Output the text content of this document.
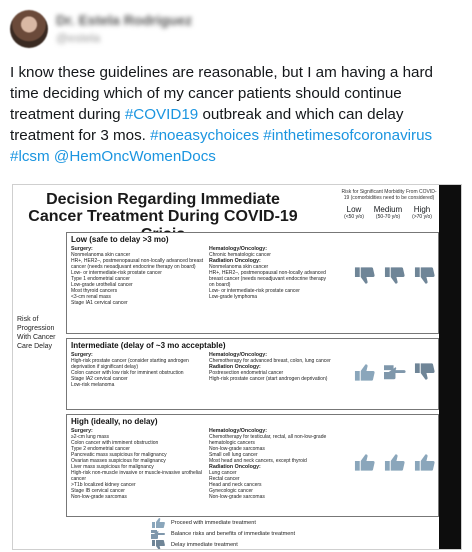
Dr. Estela Rodriguez
@estela
I know these guidelines are reasonable, but I am having a hard time deciding which of my cancer patients should continue treatment during #COVID19 outbreak and which can delay treatment for 3 mos. #noeasychoices #inthetimesofcoronavirus #lcsm @HemOncWomenDocs
Decision Regarding Immediate
Cancer Treatment During COVID-19
Risk for Significant Morbidity From COVID-19 (comorbidities need to be considered)
Low
(<50 y/o)
Medium
(50-70 y/o)
High
(>70 y/o)
Risk of Progression With Cancer Care Delay
Low (safe to delay >3 mo)
Surgery:
Nonmelanoma skin cancer
HR+, HER2–, postmenopausal non-locally advanced breast cancer (needs neoadjuvant endocrine therapy on board)
Low- or intermediate-risk prostate cancer
Type 1 endometrial cancer
Low-grade urothelial cancer
Most thyroid cancers
<3-cm renal mass
Stage IA1 cervical cancer
Hematology/Oncology:
Chronic hematologic cancer
Radiation Oncology:
Nonmelanoma skin cancer
HR+, HER2–, postmenopausal non-locally advanced breast cancer (needs neoadjuvant endocrine therapy on board)
Low- or intermediate-risk prostate cancer
Low-grade lymphoma
Intermediate (delay of ~3 mo acceptable)
Surgery:
High-risk prostate cancer (consider starting androgen deprivation if significant delay)
Colon cancer with low risk for imminent obstruction
Stage IA2 cervical cancer
Low-risk melanoma
Hematology/Oncology:
Chemotherapy for advanced breast, colon, lung cancer
Radiation Oncology:
Postresection endometrial cancer
High-risk prostate cancer (start androgen deprivation)
High (ideally, no delay)
Surgery:
≥2-cm lung mass
Colon cancer with imminent obstruction
Type 2 endometrial cancer
Pancreatic mass suspicious for malignancy
Ovarian masses suspicious for malignancy
Liver mass suspicious for malignancy
High-risk non-muscle invasive or muscle-invasive urothelial cancer
>T1b localized kidney cancer
Stage IB cervical cancer
Non-low-grade sarcomas
Hematology/Oncology:
Chemotherapy for testicular, rectal, all non-low-grade hematologic cancers
Non-low-grade sarcomas
Small cell lung cancer
Most head and neck cancers, except thyroid
Radiation Oncology:
Lung cancer
Rectal cancer
Head and neck cancers
Gynecologic cancer
Non-low-grade sarcomas
Proceed with immediate treatment
Balance risks and benefits of immediate treatment
Delay immediate treatment
